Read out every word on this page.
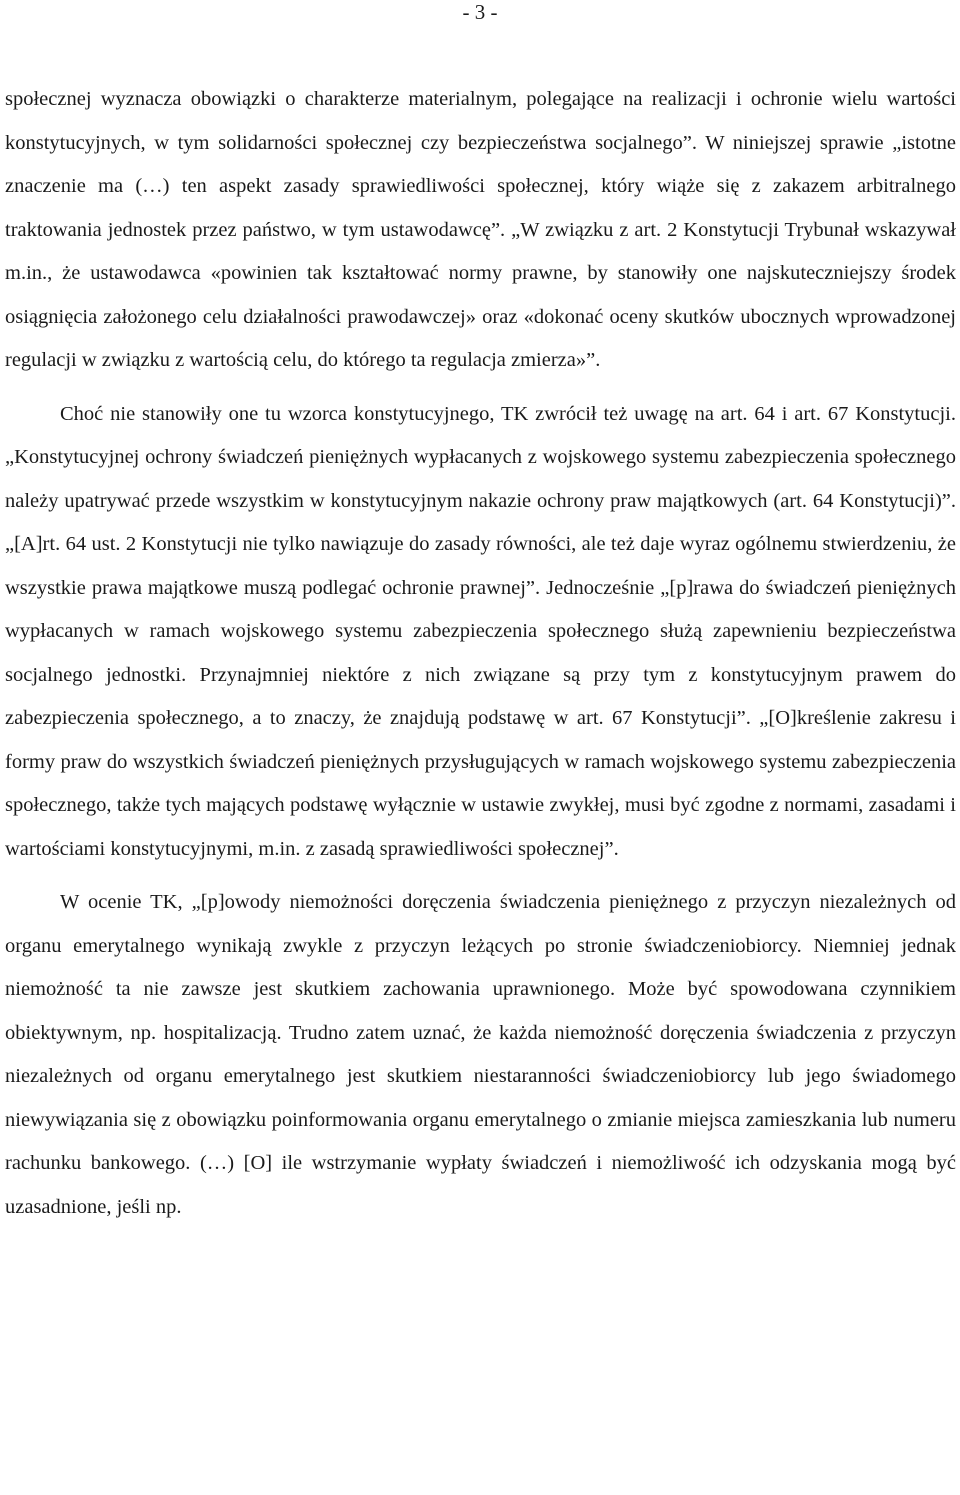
- 3 -

społecznej wyznacza obowiązki o charakterze materialnym, polegające na realizacji i ochronie wielu wartości konstytucyjnych, w tym solidarności społecznej czy bezpieczeństwa socjalnego”. W niniejszej sprawie „istotne znaczenie ma (…) ten aspekt zasady sprawiedliwości społecznej, który wiąże się z zakazem arbitralnego traktowania jednostek przez państwo, w tym ustawodawcę”. „W związku z art. 2 Konstytucji Trybunał wskazywał m.in., że ustawodawca «powinien tak kształtować normy prawne, by stanowiły one najskuteczniejszy środek osiągnięcia założonego celu działalności prawodawczej» oraz «dokonać oceny skutków ubocznych wprowadzonej regulacji w związku z wartością celu, do którego ta regulacja zmierza»”.

Choć nie stanowiły one tu wzorca konstytucyjnego, TK zwrócił też uwagę na art. 64 i art. 67 Konstytucji. „Konstytucyjnej ochrony świadczeń pieniężnych wypłacanych z wojskowego systemu zabezpieczenia społecznego należy upatrywać przede wszystkim w konstytucyjnym nakazie ochrony praw majątkowych (art. 64 Konstytucji)”. „[A]rt. 64 ust. 2 Konstytucji nie tylko nawiązuje do zasady równości, ale też daje wyraz ogólnemu stwierdzeniu, że wszystkie prawa majątkowe muszą podlegać ochronie prawnej”. Jednocześnie „[p]rawa do świadczeń pieniężnych wypłacanych w ramach wojskowego systemu zabezpieczenia społecznego służą zapewnieniu bezpieczeństwa socjalnego jednostki. Przynajmniej niektóre z nich związane są przy tym z konstytucyjnym prawem do zabezpieczenia społecznego, a to znaczy, że znajdują podstawę w art. 67 Konstytucji”. „[O]kreślenie zakresu i formy praw do wszystkich świadczeń pieniężnych przysługujących w ramach wojskowego systemu zabezpieczenia społecznego, także tych mających podstawę wyłącznie w ustawie zwykłej, musi być zgodne z normami, zasadami i wartościami konstytucyjnymi, m.in. z zasadą sprawiedliwości społecznej”.

W ocenie TK, „[p]owody niemożności doręczenia świadczenia pieniężnego z przyczyn niezależnych od organu emerytalnego wynikają zwykle z przyczyn leżących po stronie świadczeniobiorcy. Niemniej jednak niemożność ta nie zawsze jest skutkiem zachowania uprawnionego. Może być spowodowana czynnikiem obiektywnym, np. hospitalizacją. Trudno zatem uznać, że każda niemożność doręczenia świadczenia z przyczyn niezależnych od organu emerytalnego jest skutkiem niestaranności świadczeniobiorcy lub jego świadomego niewywiązania się z obowiązku poinformowania organu emerytalnego o zmianie miejsca zamieszkania lub numeru rachunku bankowego. (…) [O] ile wstrzymanie wypłaty świadczeń i niemożliwość ich odzyskania mogą być uzasadnione, jeśli np.
